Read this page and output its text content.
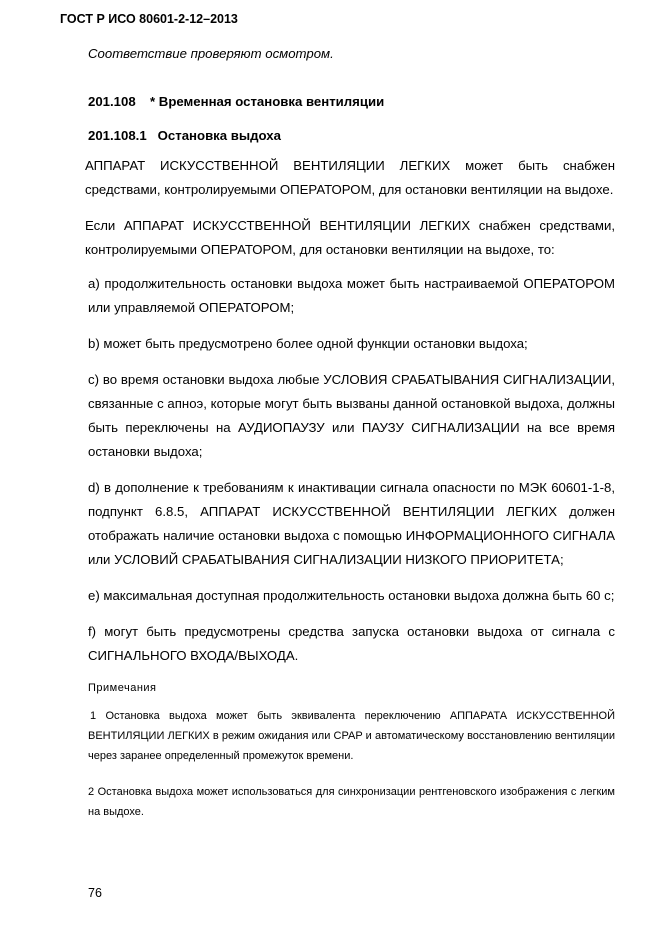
ГОСТ Р ИСО 80601-2-12–2013

Соответствие проверяют осмотром.

201.108 * Временная остановка вентиляции

201.108.1 Остановка выдоха

АППАРАТ ИСКУССТВЕННОЙ ВЕНТИЛЯЦИИ ЛЕГКИХ может быть снабжен средствами, контролируемыми ОПЕРАТОРОМ, для остановки вентиляции на выдохе.

Если АППАРАТ ИСКУССТВЕННОЙ ВЕНТИЛЯЦИИ ЛЕГКИХ снабжен средствами, контролируемыми ОПЕРАТОРОМ, для остановки вентиляции на выдохе, то:

a) продолжительность остановки выдоха может быть настраиваемой ОПЕРАТОРОМ или управляемой ОПЕРАТОРОМ;

b) может быть предусмотрено более одной функции остановки выдоха;

c) во время остановки выдоха любые УСЛОВИЯ СРАБАТЫВАНИЯ СИГНАЛИЗАЦИИ, связанные с апноэ, которые могут быть вызваны данной остановкой выдоха, должны быть переключены на АУДИОПАУЗУ или ПАУЗУ СИГНАЛИЗАЦИИ на все время остановки выдоха;

d) в дополнение к требованиям к инактивации сигнала опасности по МЭК 60601-1-8, подпункт 6.8.5, АППАРАТ ИСКУССТВЕННОЙ ВЕНТИЛЯЦИИ ЛЕГКИХ должен отображать наличие остановки выдоха с помощью ИНФОРМАЦИОННОГО СИГНАЛА или УСЛОВИЙ СРАБАТЫВАНИЯ СИГНАЛИЗАЦИИ НИЗКОГО ПРИОРИТЕТА;

e) максимальная доступная продолжительность остановки выдоха должна быть 60 с;

f) могут быть предусмотрены средства запуска остановки выдоха от сигнала с СИГНАЛЬНОГО ВХОДА/ВЫХОДА.

Примечания

1 Остановка выдоха может быть эквивалента переключению АППАРАТА ИСКУССТВЕННОЙ ВЕНТИЛЯЦИИ ЛЕГКИХ в режим ожидания или CPAP и автоматическому восстановлению вентиляции через заранее определенный промежуток времени.

2 Остановка выдоха может использоваться для синхронизации рентгеновского изображения с легким на выдохе.

76
